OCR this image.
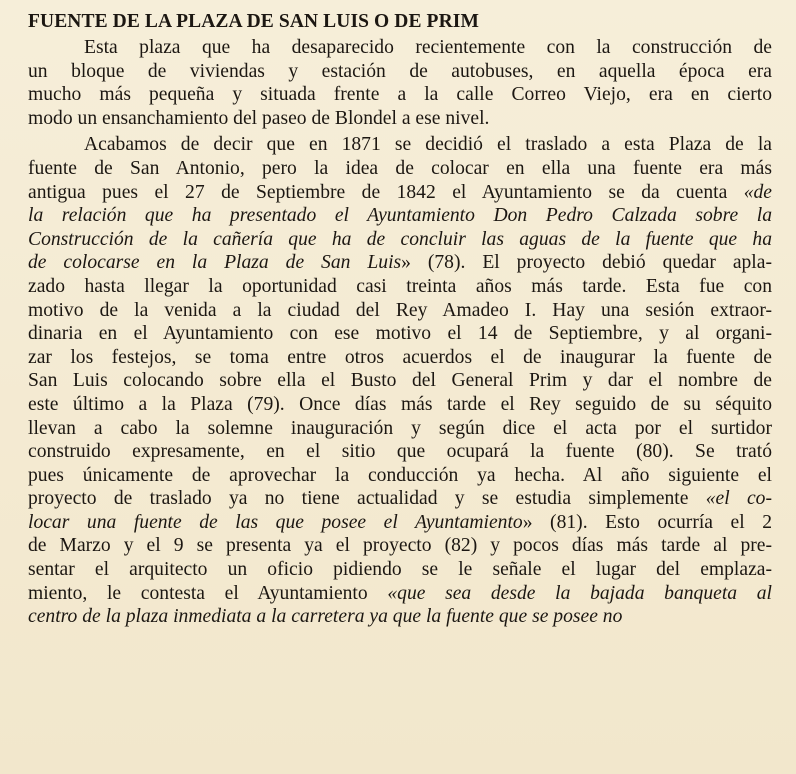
FUENTE DE LA PLAZA DE SAN LUIS O DE PRIM
Esta plaza que ha desaparecido recientemente con la construcción de
un bloque de viviendas y estación de autobuses, en aquella época era
mucho más pequeña y situada frente a la calle Correo Viejo, era en cierto
modo un ensanchamiento del paseo de Blondel a ese nivel.
Acabamos de decir que en 1871 se decidió el traslado a esta Plaza de la
fuente de San Antonio, pero la idea de colocar en ella una fuente era más
antigua pues el 27 de Septiembre de 1842 el Ayuntamiento se da cuenta «de
la relación que ha presentado el Ayuntamiento Don Pedro Calzada sobre la
Construcción de la cañería que ha de concluir las aguas de la fuente que ha
de colocarse en la Plaza de San Luis» (78). El proyecto debió quedar apla-
zado hasta llegar la oportunidad casi treinta años más tarde. Esta fue con
motivo de la venida a la ciudad del Rey Amadeo I. Hay una sesión extraor-
dinaria en el Ayuntamiento con ese motivo el 14 de Septiembre, y al organi-
zar los festejos, se toma entre otros acuerdos el de inaugurar la fuente de
San Luis colocando sobre ella el Busto del General Prim y dar el nombre de
este último a la Plaza (79). Once días más tarde el Rey seguido de su séquito
llevan a cabo la solemne inauguración y según dice el acta por el surtidor
construido expresamente, en el sitio que ocupará la fuente (80). Se trató
pues únicamente de aprovechar la conducción ya hecha. Al año siguiente el
proyecto de traslado ya no tiene actualidad y se estudia simplemente «el co-
locar una fuente de las que posee el Ayuntamiento» (81). Esto ocurría el 2
de Marzo y el 9 se presenta ya el proyecto (82) y pocos días más tarde al pre-
sentar el arquitecto un oficio pidiendo se le señale el lugar del emplaza-
miento, le contesta el Ayuntamiento «que sea desde la bajada banqueta al
centro de la plaza inmediata a la carretera ya que la fuente que se posee no
